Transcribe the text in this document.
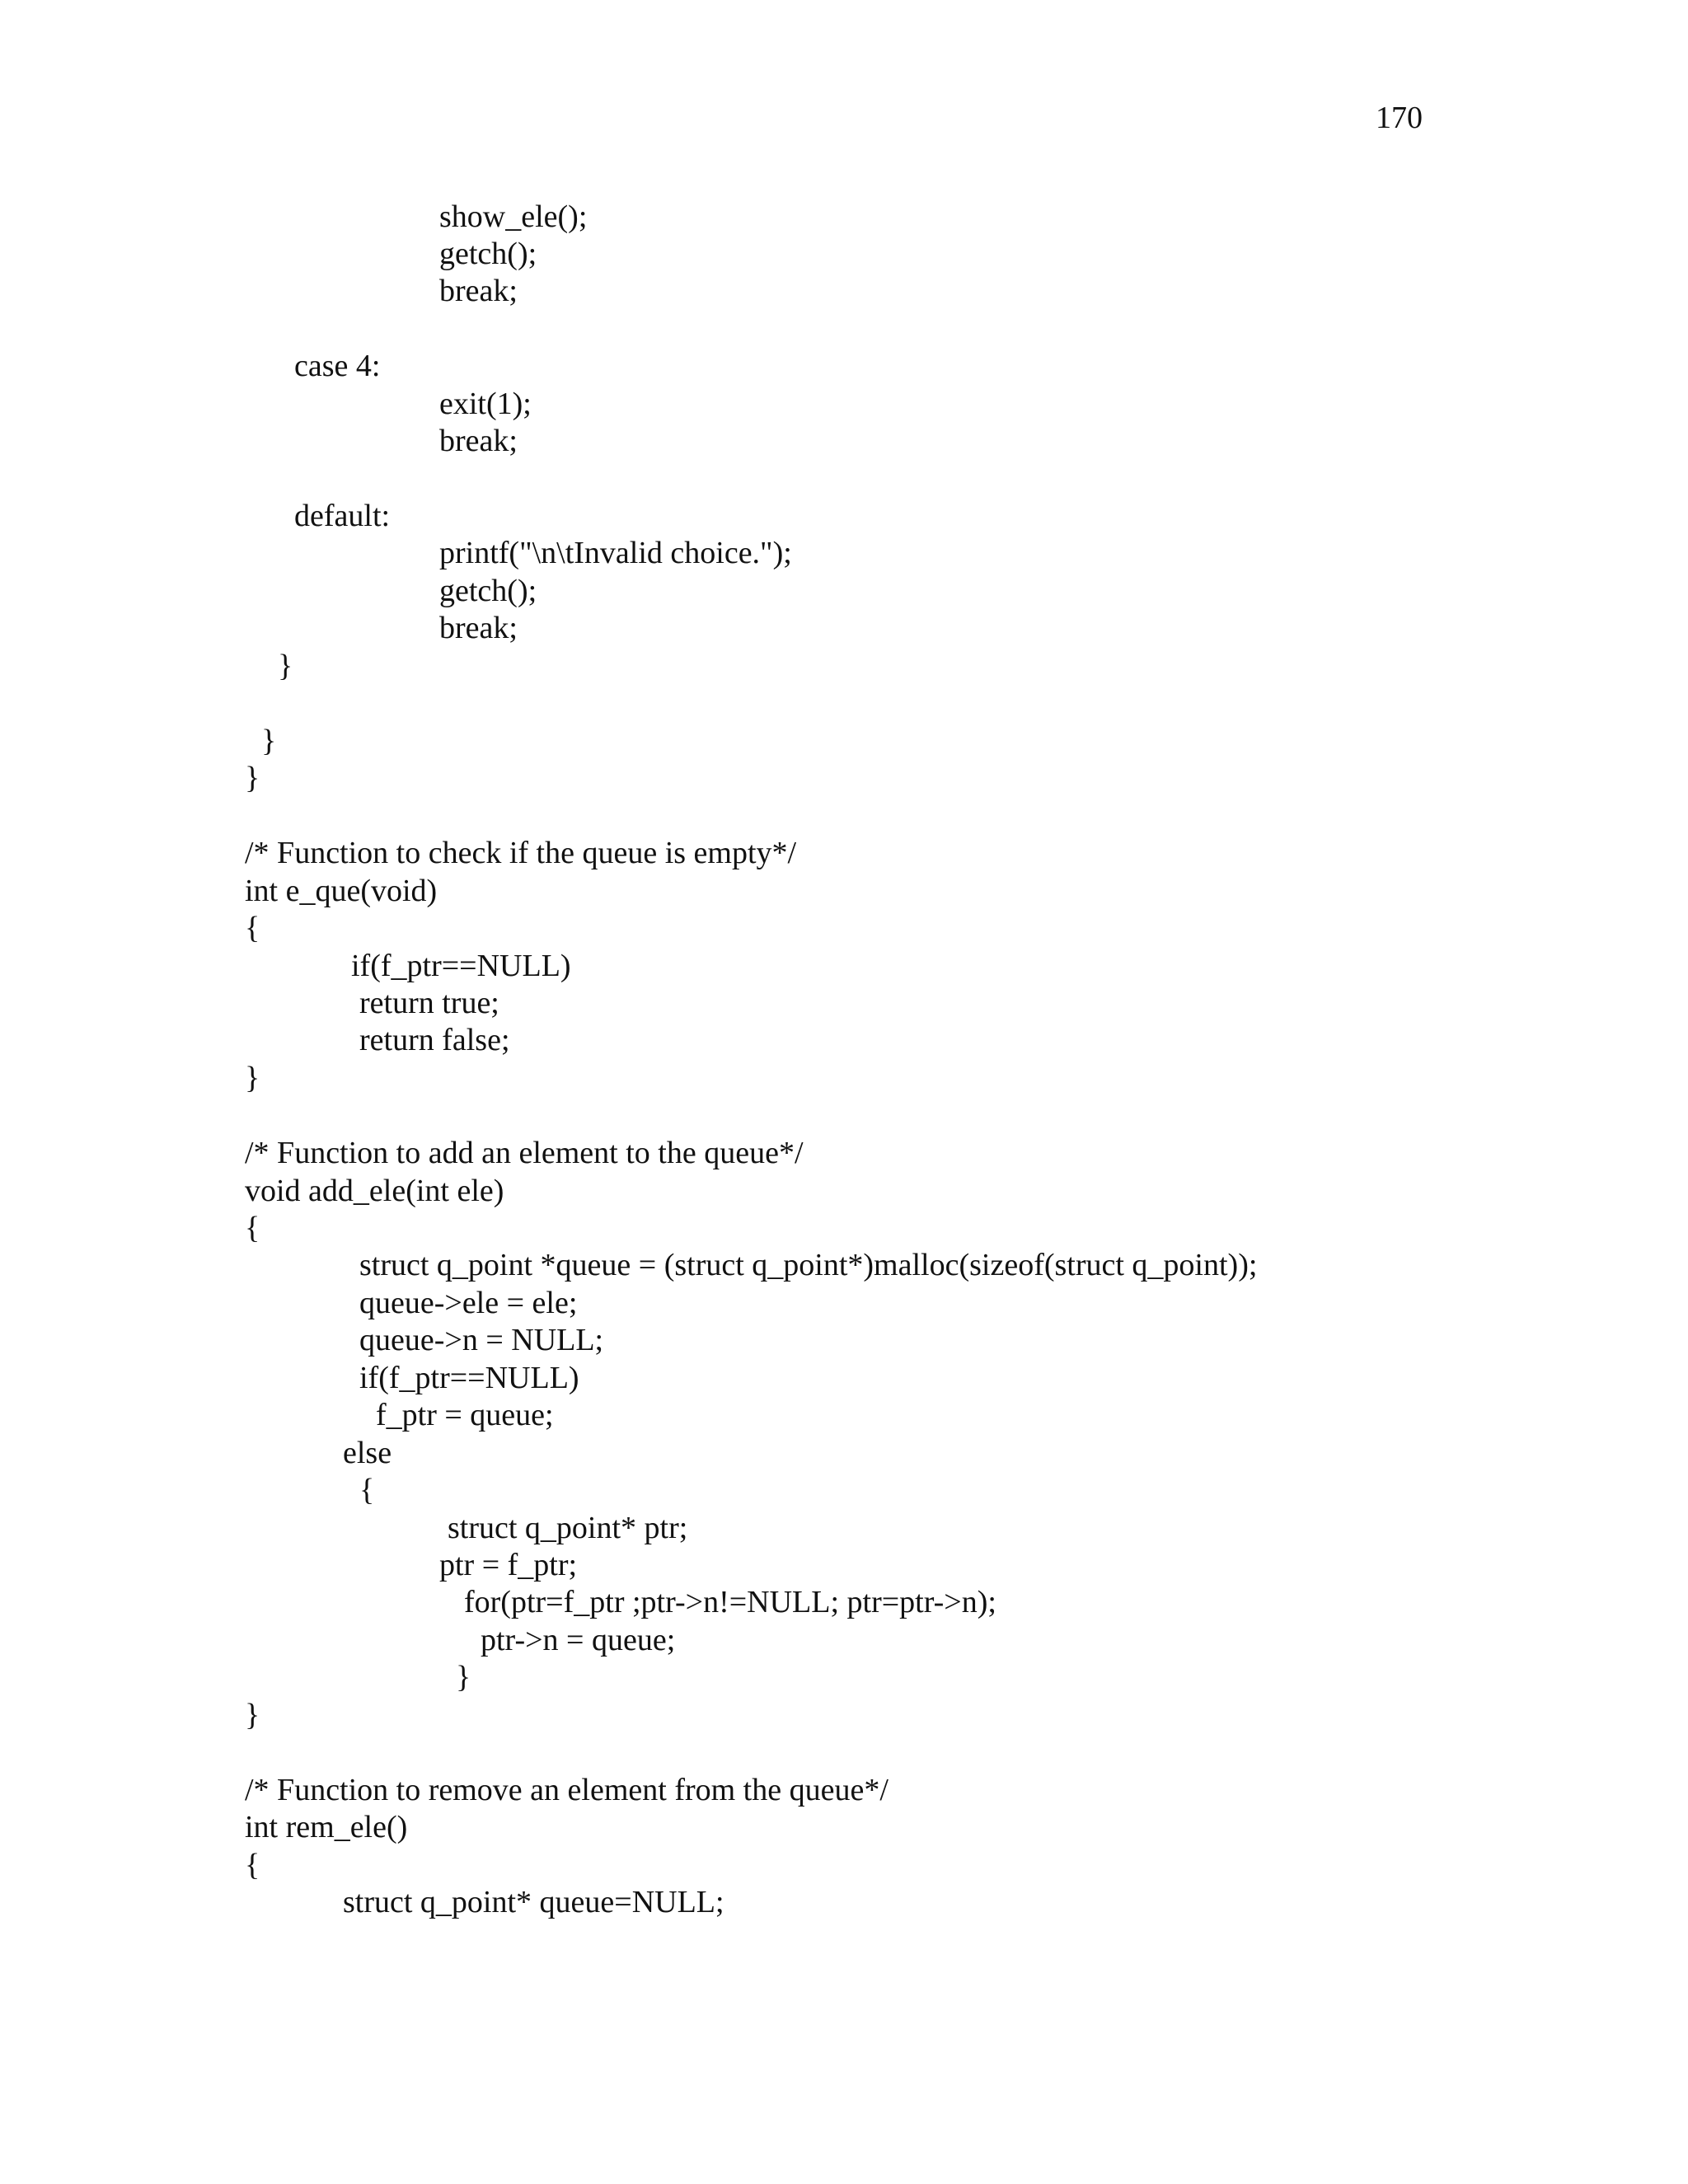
170
show_ele();
getch();
break;
case 4:
exit(1);
break;
default:
printf("\n\tInvalid choice.");
getch();
break;
}
}
}
/* Function to check if the queue is empty*/
int e_que(void)
{
if(f_ptr==NULL)
return true;
return false;
}
/* Function to add an element to the queue*/
void add_ele(int ele)
{
struct q_point *queue = (struct q_point*)malloc(sizeof(struct q_point));
queue->ele = ele;
queue->n = NULL;
if(f_ptr==NULL)
f_ptr = queue;
else
{
struct q_point* ptr;
ptr = f_ptr;
for(ptr=f_ptr ;ptr->n!=NULL; ptr=ptr->n);
ptr->n = queue;
}
}
/* Function to remove an element from the queue*/
int rem_ele()
{
struct q_point* queue=NULL;
